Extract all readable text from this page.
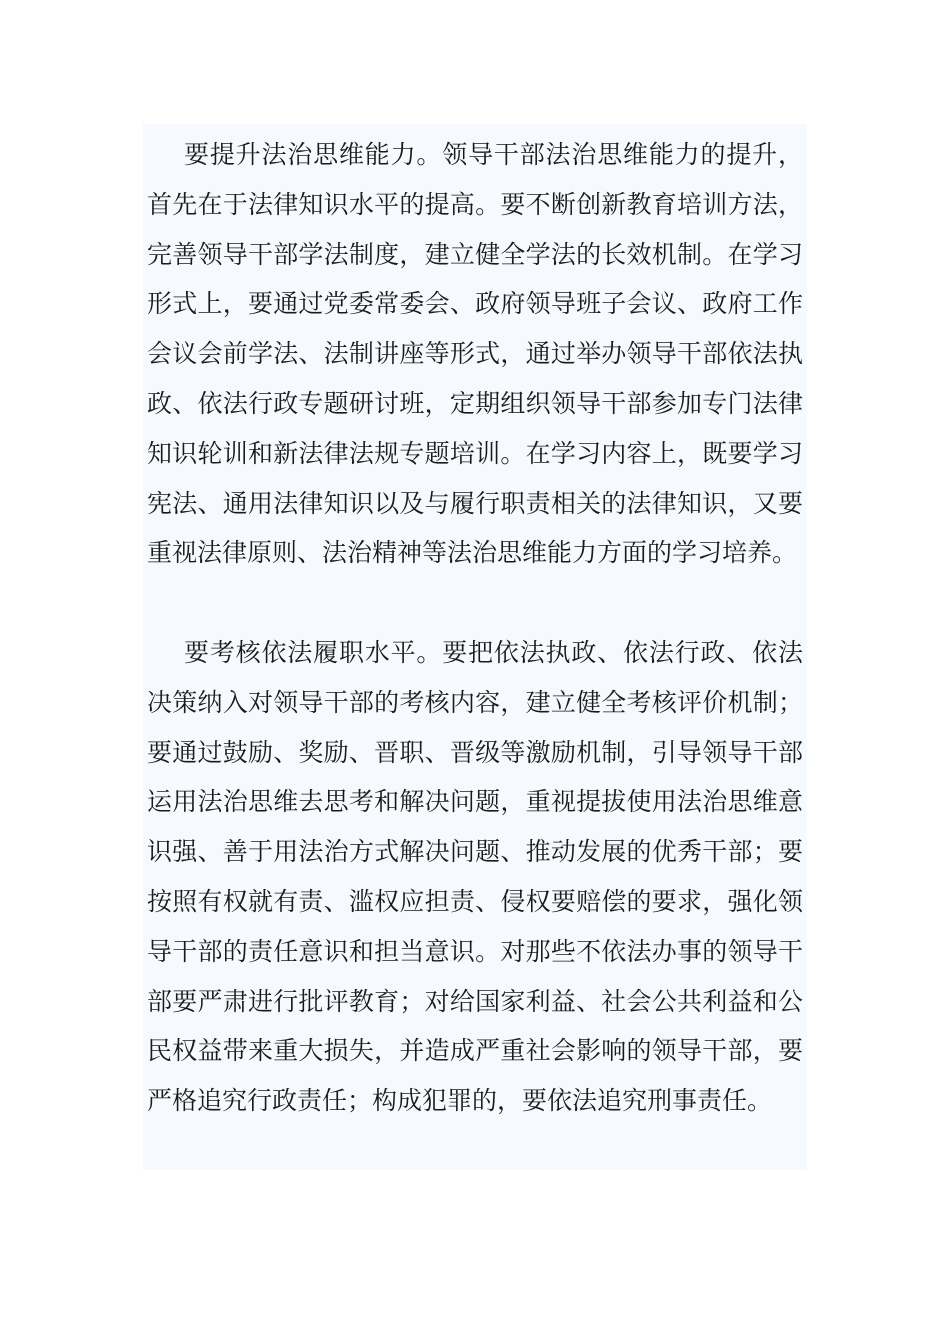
要提升法治思维能力。领导干部法治思维能力的提升，首先在于法律知识水平的提高。要不断创新教育培训方法，完善领导干部学法制度，建立健全学法的长效机制。在学习形式上，要通过党委常委会、政府领导班子会议、政府工作会议会前学法、法制讲座等形式，通过举办领导干部依法执政、依法行政专题研讨班，定期组织领导干部参加专门法律知识轮训和新法律法规专题培训。在学习内容上，既要学习宪法、通用法律知识以及与履行职责相关的法律知识，又要重视法律原则、法治精神等法治思维能力方面的学习培养。

要考核依法履职水平。要把依法执政、依法行政、依法决策纳入对领导干部的考核内容，建立健全考核评价机制；要通过鼓励、奖励、晋职、晋级等激励机制，引导领导干部运用法治思维去思考和解决问题，重视提拔使用法治思维意识强、善于用法治方式解决问题、推动发展的优秀干部；要按照有权就有责、滥权应担责、侵权要赔偿的要求，强化领导干部的责任意识和担当意识。对那些不依法办事的领导干部要严肃进行批评教育；对给国家利益、社会公共利益和公民权益带来重大损失，并造成严重社会影响的领导干部，要严格追究行政责任；构成犯罪的，要依法追究刑事责任。
